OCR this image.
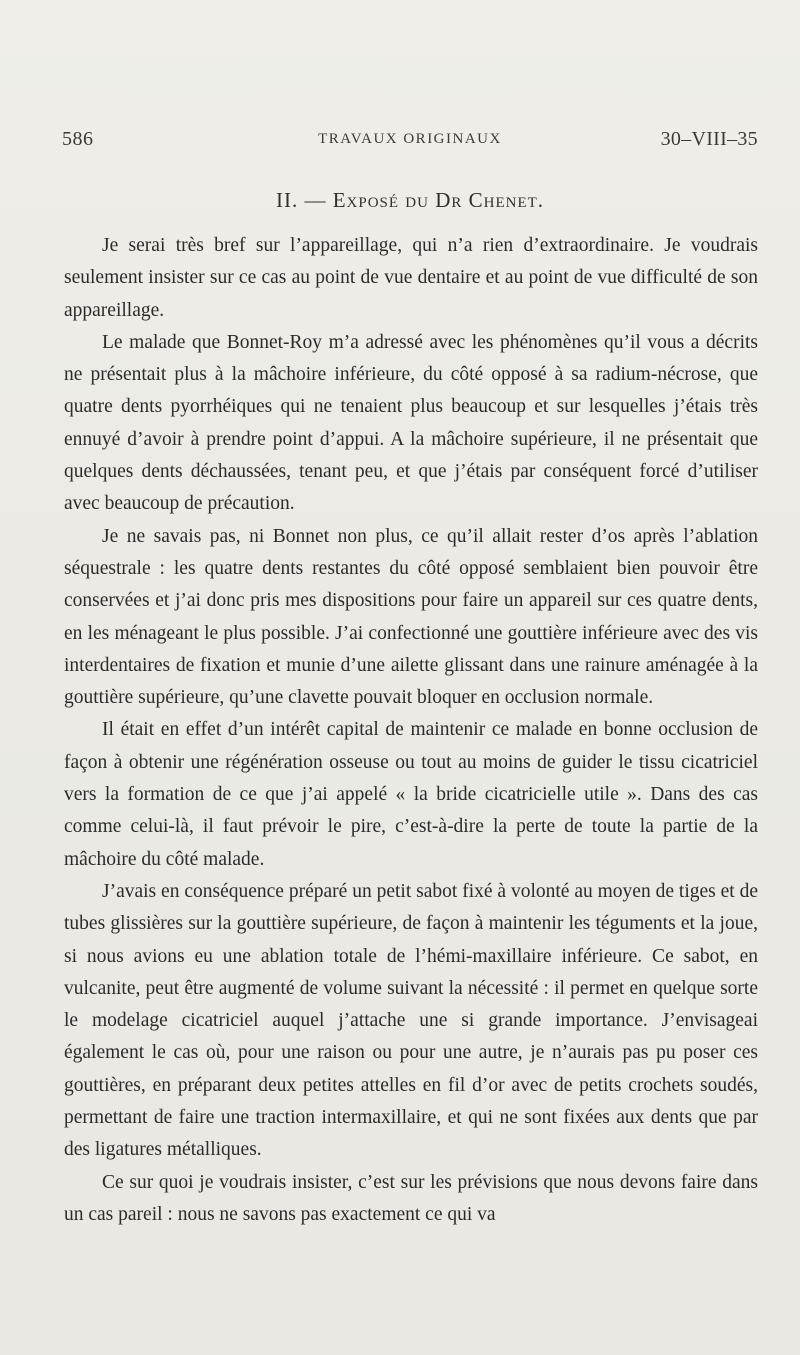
586	TRAVAUX ORIGINAUX	30–VIII–35
II. — Exposé du Dr Chenet.

Je serai très bref sur l’appareillage, qui n’a rien d’extraordinaire. Je voudrais seulement insister sur ce cas au point de vue dentaire et au point de vue difficulté de son appareillage.

Le malade que Bonnet-Roy m’a adressé avec les phénomènes qu’il vous a décrits ne présentait plus à la mâchoire inférieure, du côté opposé à sa radium-nécrose, que quatre dents pyorrhéiques qui ne tenaient plus beaucoup et sur lesquelles j’étais très ennuyé d’avoir à prendre point d’appui. A la mâchoire supérieure, il ne présentait que quelques dents déchaussées, tenant peu, et que j’étais par conséquent forcé d’utiliser avec beaucoup de précaution.

Je ne savais pas, ni Bonnet non plus, ce qu’il allait rester d’os après l’ablation séquestrale : les quatre dents restantes du côté opposé semblaient bien pouvoir être conservées et j’ai donc pris mes dispositions pour faire un appareil sur ces quatre dents, en les ménageant le plus possible. J’ai confectionné une gouttière inférieure avec des vis interdentaires de fixation et munie d’une ailette glissant dans une rainure aménagée à la gouttière supérieure, qu’une clavette pouvait bloquer en occlusion normale.

Il était en effet d’un intérêt capital de maintenir ce malade en bonne occlusion de façon à obtenir une régénération osseuse ou tout au moins de guider le tissu cicatriciel vers la formation de ce que j’ai appelé « la bride cicatricielle utile ». Dans des cas comme celui-là, il faut prévoir le pire, c’est-à-dire la perte de toute la partie de la mâchoire du côté malade.

J’avais en conséquence préparé un petit sabot fixé à volonté au moyen de tiges et de tubes glissières sur la gouttière supérieure, de façon à maintenir les téguments et la joue, si nous avions eu une ablation totale de l’hémi-maxillaire inférieure. Ce sabot, en vulcanite, peut être augmenté de volume suivant la nécessité : il permet en quelque sorte le modelage cicatriciel auquel j’attache une si grande importance. J’envisageai également le cas où, pour une raison ou pour une autre, je n’aurais pas pu poser ces gouttières, en préparant deux petites attelles en fil d’or avec de petits crochets soudés, permettant de faire une traction intermaxillaire, et qui ne sont fixées aux dents que par des ligatures métalliques.

Ce sur quoi je voudrais insister, c’est sur les prévisions que nous devons faire dans un cas pareil : nous ne savons pas exactement ce qui va
